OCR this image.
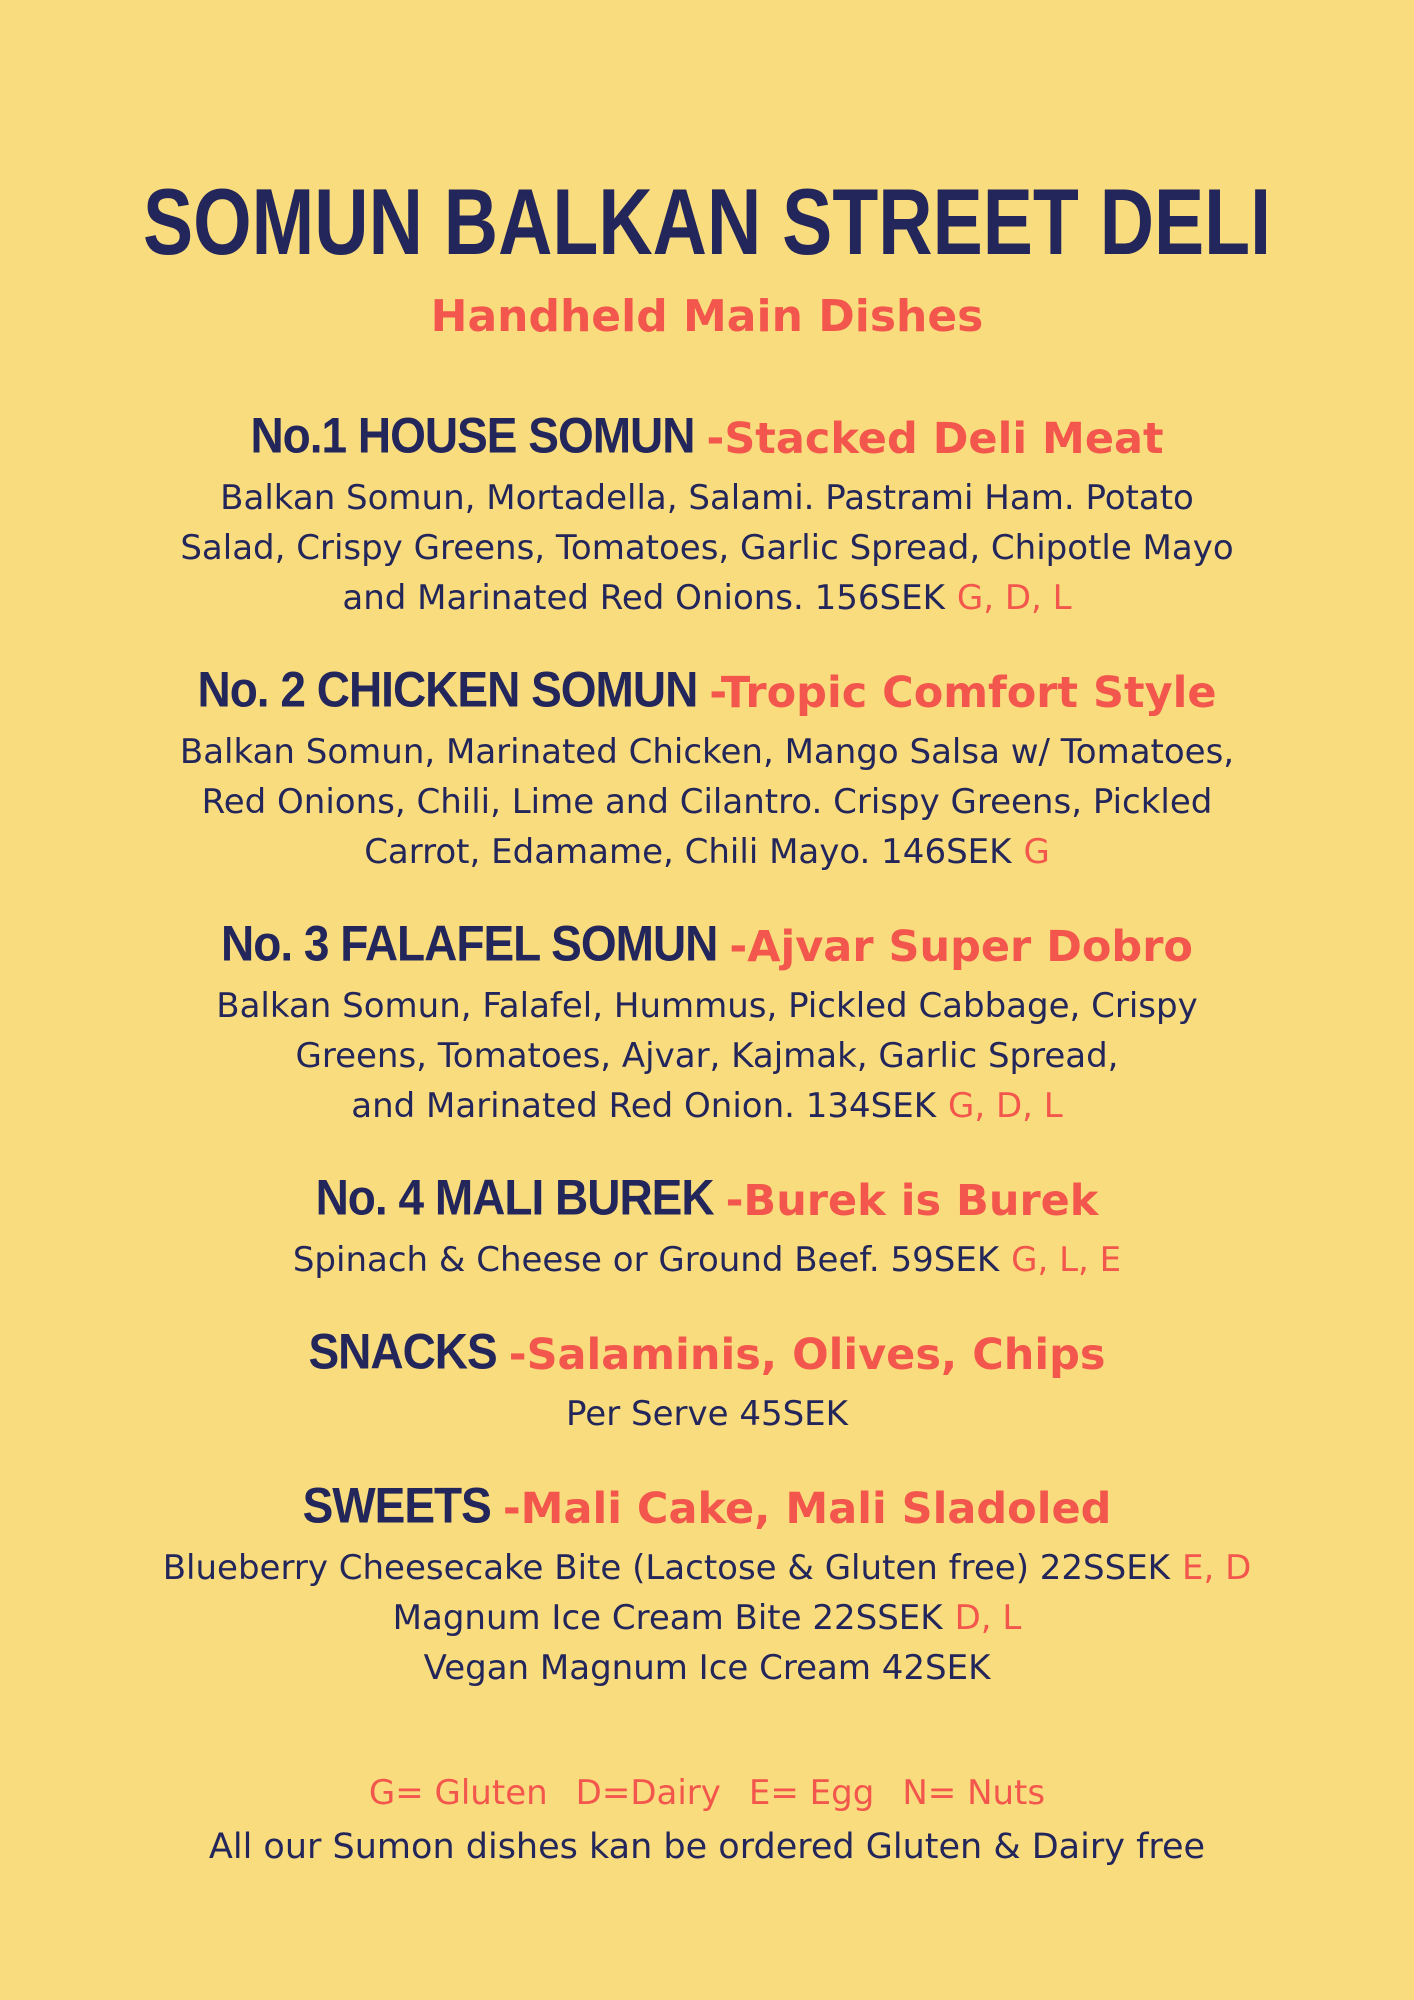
SOMUN BALKAN STREET DELI
Handheld Main Dishes
No.1 HOUSE SOMUN -Stacked Deli Meat

Balkan Somun, Mortadella, Salami. Pastrami Ham. Potato

Salad, Crispy Greens, Tomatoes, Garlic Spread, Chipotle Mayo

and Marinated Red Onions. 156SEK G, D, L

No. 2 CHICKEN SOMUN -Tropic Comfort Style

Balkan Somun, Marinated Chicken, Mango Salsa w/ Tomatoes,

Red Onions, Chili, Lime and Cilantro. Crispy Greens, Pickled

Carrot, Edamame, Chili Mayo. 146SEK G

No. 3 FALAFEL SOMUN -Ajvar Super Dobro

Balkan Somun, Falafel, Hummus, Pickled Cabbage, Crispy

Greens, Tomatoes, Ajvar, Kajmak, Garlic Spread,

and Marinated Red Onion. 134SEK G, D, L

No. 4 MALI BUREK -Burek is Burek

Spinach & Cheese or Ground Beef. 59SEK G, L, E

SNACKS -Salaminis, Olives, Chips

Per Serve 45SEK

SWEETS -Mali Cake, Mali Sladoled

Blueberry Cheesecake Bite (Lactose & Gluten free) 22SSEK E, D

Magnum Ice Cream Bite 22SSEK D, L

Vegan Magnum Ice Cream 42SEK

G= Gluten D=Dairy E= Egg N= Nuts

All our Sumon dishes kan be ordered Gluten & Dairy free
